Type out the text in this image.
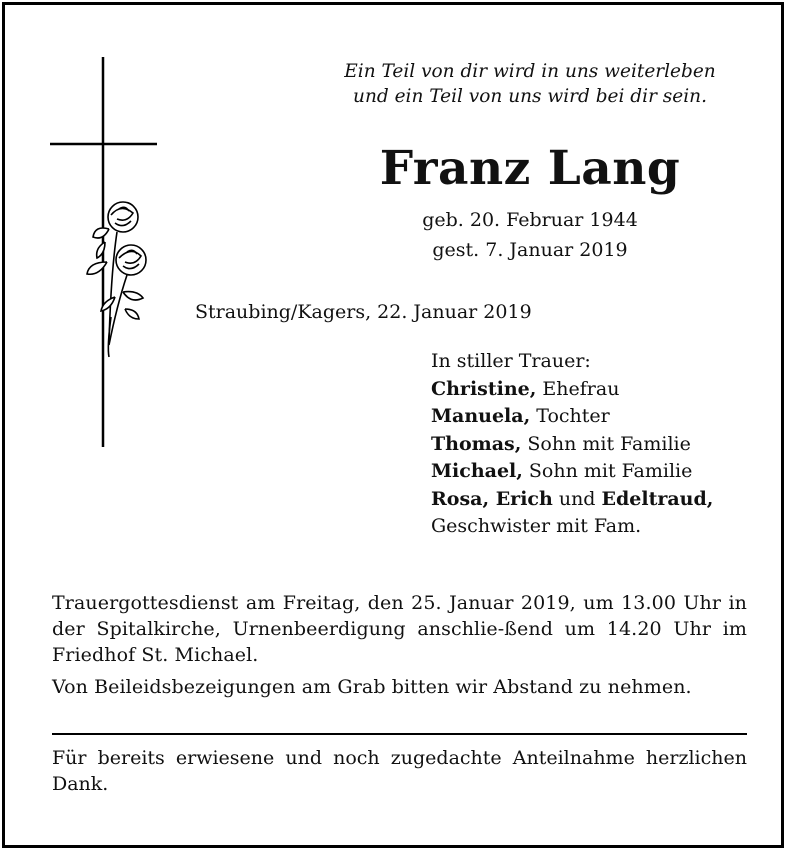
Ein Teil von dir wird in uns weiterleben
und ein Teil von uns wird bei dir sein.
Franz Lang
geb. 20. Februar 1944
gest. 7. Januar 2019
Straubing/Kagers, 22. Januar 2019
In stiller Trauer:
Christine, Ehefrau
Manuela, Tochter
Thomas, Sohn mit Familie
Michael, Sohn mit Familie
Rosa, Erich und Edeltraud,
Geschwister mit Fam.

Trauergottesdienst am Freitag, den 25. Januar 2019, um 13.00 Uhr in der Spitalkirche, Urnenbeerdigung anschlie-ßend um 14.20 Uhr im Friedhof St. Michael.

Von Beileidsbezeigungen am Grab bitten wir Abstand zu nehmen.

Für bereits erwiesene und noch zugedachte Anteilnahme herzlichen Dank.
